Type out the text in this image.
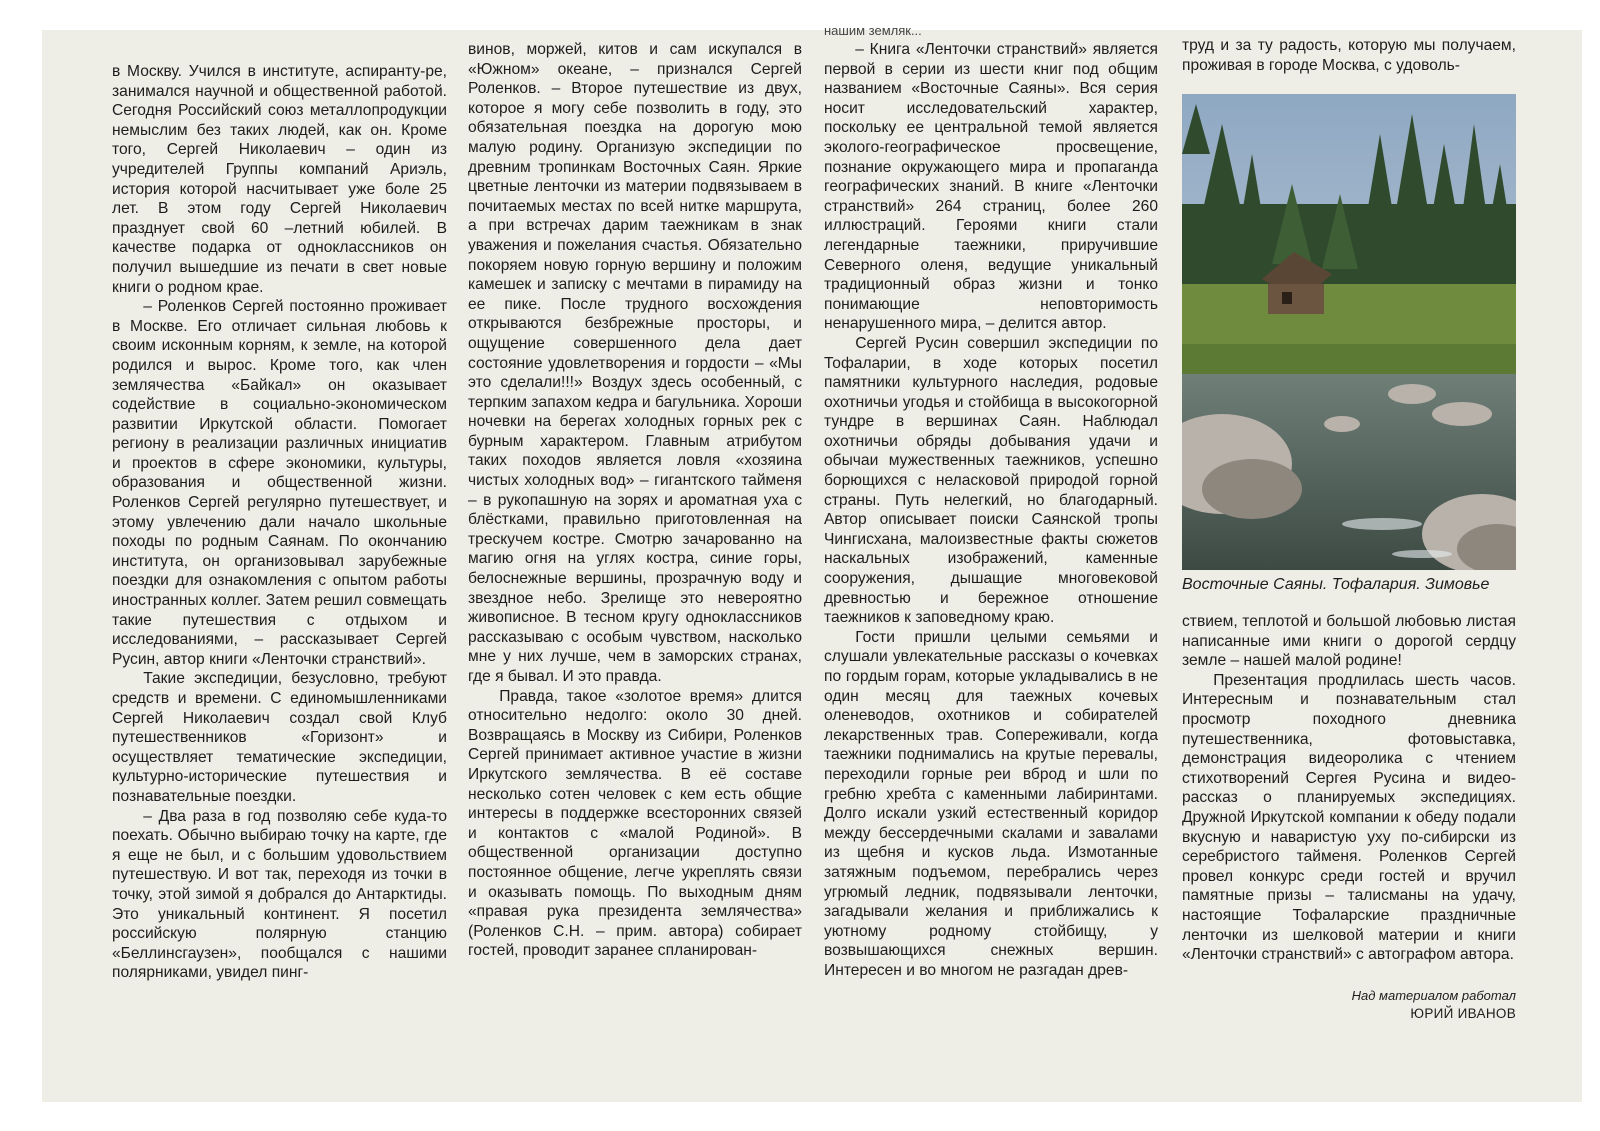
нашим земляк...

в Москву. Учился в институте, аспиранту-ре, занимался научной и общественной работой. Сегодня Российский союз металлопродукции немыслим без таких людей, как он. Кроме того, Сергей Николаевич – один из учредителей Группы компаний Ариэль, история которой насчитывает уже боле 25 лет. В этом году Сергей Николаевич празднует свой 60 –летний юбилей. В качестве подарка от одноклассников он получил вышедшие из печати в свет новые книги о родном крае.

– Роленков Сергей постоянно проживает в Москве. Его отличает сильная любовь к своим исконным корням, к земле, на которой родился и вырос. Кроме того, как член землячества «Байкал» он оказывает содействие в социально-экономическом развитии Иркутской области. Помогает региону в реализации различных инициатив и проектов в сфере экономики, культуры, образования и общественной жизни. Роленков Сергей регулярно путешествует, и этому увлечению дали начало школьные походы по родным Саянам. По окончанию института, он организовывал зарубежные поездки для ознакомления с опытом работы иностранных коллег. Затем решил совмещать такие путешествия с отдыхом и исследованиями, – рассказывает Сергей Русин, автор книги «Ленточки странствий».

Такие экспедиции, безусловно, требуют средств и времени. С единомышленниками Сергей Николаевич создал свой Клуб путешественников «Горизонт» и осуществляет тематические экспедиции, культурно-исторические путешествия и познавательные поездки.

– Два раза в год позволяю себе куда-то поехать. Обычно выбираю точку на карте, где я еще не был, и с большим удовольствием путешествую. И вот так, переходя из точки в точку, этой зимой я добрался до Антарктиды. Это уникальный континент. Я посетил российскую полярную станцию «Беллинсгаузен», пообщался с нашими полярниками, увидел пинг-

винов, моржей, китов и сам искупался в «Южном» океане, – признался Сергей Роленков. – Второе путешествие из двух, которое я могу себе позволить в году, это обязательная поездка на дорогую мою малую родину. Организую экспедиции по древним тропинкам Восточных Саян. Яркие цветные ленточки из материи подвязываем в почитаемых местах по всей нитке маршрута, а при встречах дарим таежникам в знак уважения и пожелания счастья. Обязательно покоряем новую горную вершину и положим камешек и записку с мечтами в пирамиду на ее пике. После трудного восхождения открываются безбрежные просторы, и ощущение совершенного дела дает состояние удовлетворения и гордости – «Мы это сделали!!!» Воздух здесь особенный, с терпким запахом кедра и багульника. Хороши ночевки на берегах холодных горных рек с бурным характером. Главным атрибутом таких походов является ловля «хозяина чистых холодных вод» – гигантского тайменя – в рукопашную на зорях и ароматная уха с блёстками, правильно приготовленная на трескучем костре. Смотрю зачарованно на магию огня на углях костра, синие горы, белоснежные вершины, прозрачную воду и звездное небо. Зрелище это невероятно живописное. В тесном кругу одноклассников рассказываю с особым чувством, насколько мне у них лучше, чем в заморских странах, где я бывал. И это правда.

Правда, такое «золотое время» длится относительно недолго: около 30 дней. Возвращаясь в Москву из Сибири, Роленков Сергей принимает активное участие в жизни Иркутского землячества. В её составе несколько сотен человек с кем есть общие интересы в поддержке всесторонних связей и контактов с «малой Родиной». В общественной организации доступно постоянное общение, легче укреплять связи и оказывать помощь. По выходным дням «правая рука президента землячества» (Роленков С.Н. – прим. автора) собирает гостей, проводит заранее спланирован-

– Книга «Ленточки странствий» является первой в серии из шести книг под общим названием «Восточные Саяны». Вся серия носит исследовательский характер, поскольку ее центральной темой является эколого-географическое просвещение, познание окружающего мира и пропаганда географических знаний. В книге «Ленточки странствий» 264 страниц, более 260 иллюстраций. Героями книги стали легендарные таежники, приручившие Северного оленя, ведущие уникальный традиционный образ жизни и тонко понимающие неповторимость ненарушенного мира, – делится автор.

Сергей Русин совершил экспедиции по Тофаларии, в ходе которых посетил памятники культурного наследия, родовые охотничьи угодья и стойбища в высокогорной тундре в вершинах Саян. Наблюдал охотничьи обряды добывания удачи и обычаи мужественных таежников, успешно борющихся с неласковой природой горной страны. Путь нелегкий, но благодарный. Автор описывает поиски Саянской тропы Чингисхана, малоизвестные факты сюжетов наскальных изображений, каменные сооружения, дышащие многовековой древностью и бережное отношение таежников к заповедному краю.

Гости пришли целыми семьями и слушали увлекательные рассказы о кочевках по гордым горам, которые укладывались в не один месяц для таежных кочевых оленеводов, охотников и собирателей лекарственных трав. Сопереживали, когда таежники поднимались на крутые перевалы, переходили горные реи вброд и шли по гребню хребта с каменными лабиринтами. Долго искали узкий естественный коридор между бессердечными скалами и завалами из щебня и кусков льда. Измотанные затяжным подъемом, перебрались через угрюмый ледник, подвязывали ленточки, загадывали желания и приближались к уютному родному стойбищу, у возвышающихся снежных вершин. Интересен и во многом не разгадан древ-

труд и за ту радость, которую мы получаем, проживая в городе Москва, с удоволь-

Восточные Саяны. Тофалария. Зимовье

ствием, теплотой и большой любовью листая написанные ими книги о дорогой сердцу земле – нашей малой родине!

Презентация продлилась шесть часов. Интересным и познавательным стал просмотр походного дневника путешественника, фотовыставка, демонстрация видеоролика с чтением стихотворений Сергея Русина и видео-рассказ о планируемых экспедициях. Дружной Иркутской компании к обеду подали вкусную и наваристую уху по-сибирски из серебристого тайменя. Роленков Сергей провел конкурс среди гостей и вручил памятные призы – талисманы на удачу, настоящие Тофаларские праздничные ленточки из шелковой материи и книги «Ленточки странствий» с автографом автора.

Над материалом работал
ЮРИЙ ИВАНОВ
